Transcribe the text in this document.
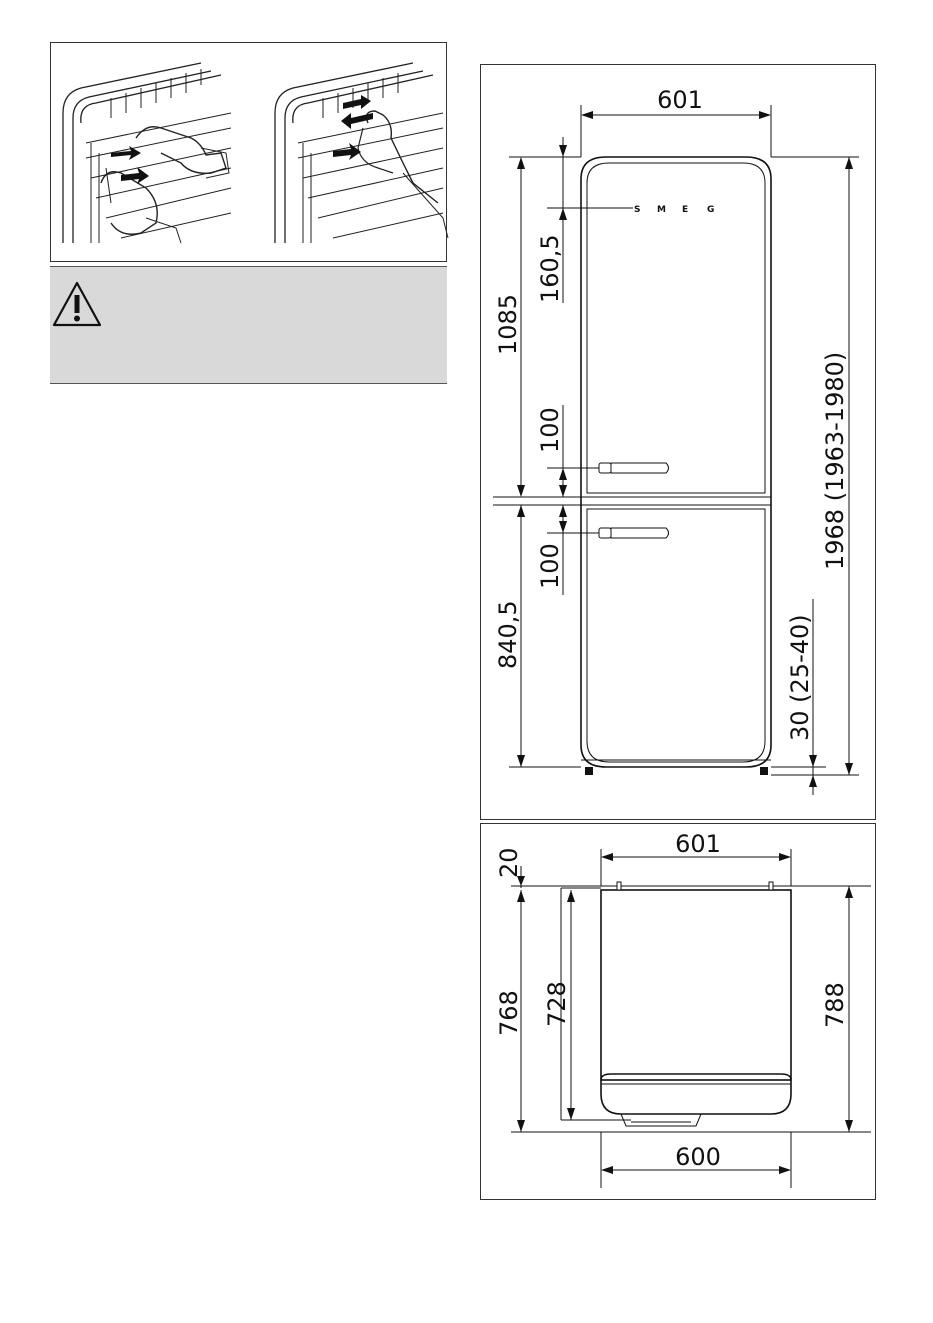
S M E G
601
160,5
1085
100
100
840,5
1968 (1963-1980)
30 (25-40)
601
20
768 728	788
600
